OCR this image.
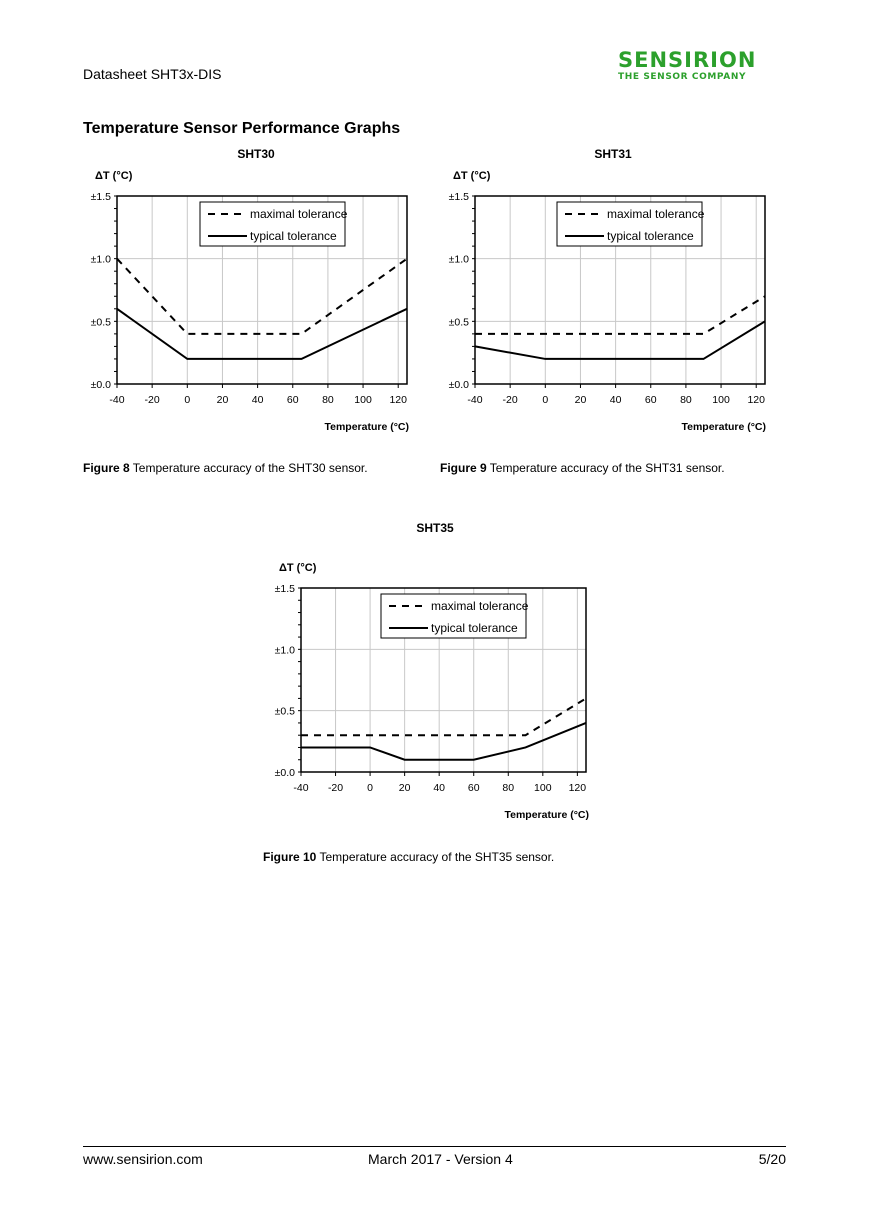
Datasheet SHT3x-DIS
SENSIRION
THE SENSOR COMPANY
Temperature Sensor Performance Graphs
-40 -20 0	20 40 60 80 100 120
±0.0
±0.5
±1.0
±1.5
maximal tolerance
typical tolerance
SHT30
ΔT (°C)
Temperature (°C)
-40 -20 0	20 40 60 80 100 120
±0.0
±0.5
±1.0
±1.5
maximal tolerance
typical tolerance
SHT31
ΔT (°C)
Temperature (°C)
-40 -20 0 20 40 60 80 100 120
±0.0
±0.5
±1.0
±1.5
maximal tolerance
typical tolerance
SHT35
ΔT (°C)
Temperature (°C)
Figure 8 Temperature accuracy of the SHT30 sensor.	Figure 9 Temperature accuracy of the SHT31 sensor.
Figure 10 Temperature accuracy of the SHT35 sensor.
www.sensirion.com	March 2017 - Version 4	5/20
